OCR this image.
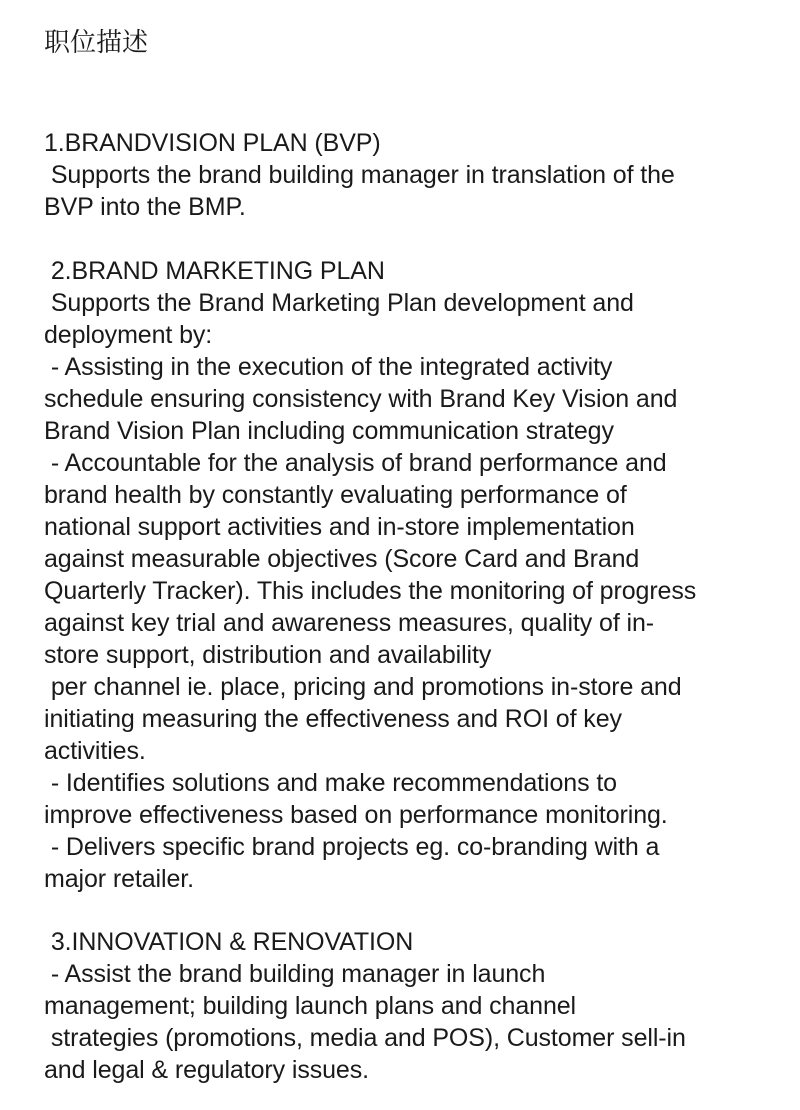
职位描述
1.BRANDVISION PLAN (BVP)
Supports the brand building manager in translation of the
BVP into the BMP.
2.BRAND MARKETING PLAN
Supports the Brand Marketing Plan development and
deployment by:
- Assisting in the execution of the integrated activity
schedule ensuring consistency with Brand Key Vision and
Brand Vision Plan including communication strategy
- Accountable for the analysis of brand performance and
brand health by constantly evaluating performance of
national support activities and in-store implementation
against measurable objectives (Score Card and Brand
Quarterly Tracker). This includes the monitoring of progress
against key trial and awareness measures, quality of in-
store support, distribution and availability
per channel ie. place, pricing and promotions in-store and
initiating measuring the effectiveness and ROI of key
activities.
- Identifies solutions and make recommendations to
improve effectiveness based on performance monitoring.
- Delivers specific brand projects eg. co-branding with a
major retailer.
3.INNOVATION & RENOVATION
- Assist the brand building manager in launch
management; building launch plans and channel
strategies (promotions, media and POS), Customer sell-in
and legal & regulatory issues.
